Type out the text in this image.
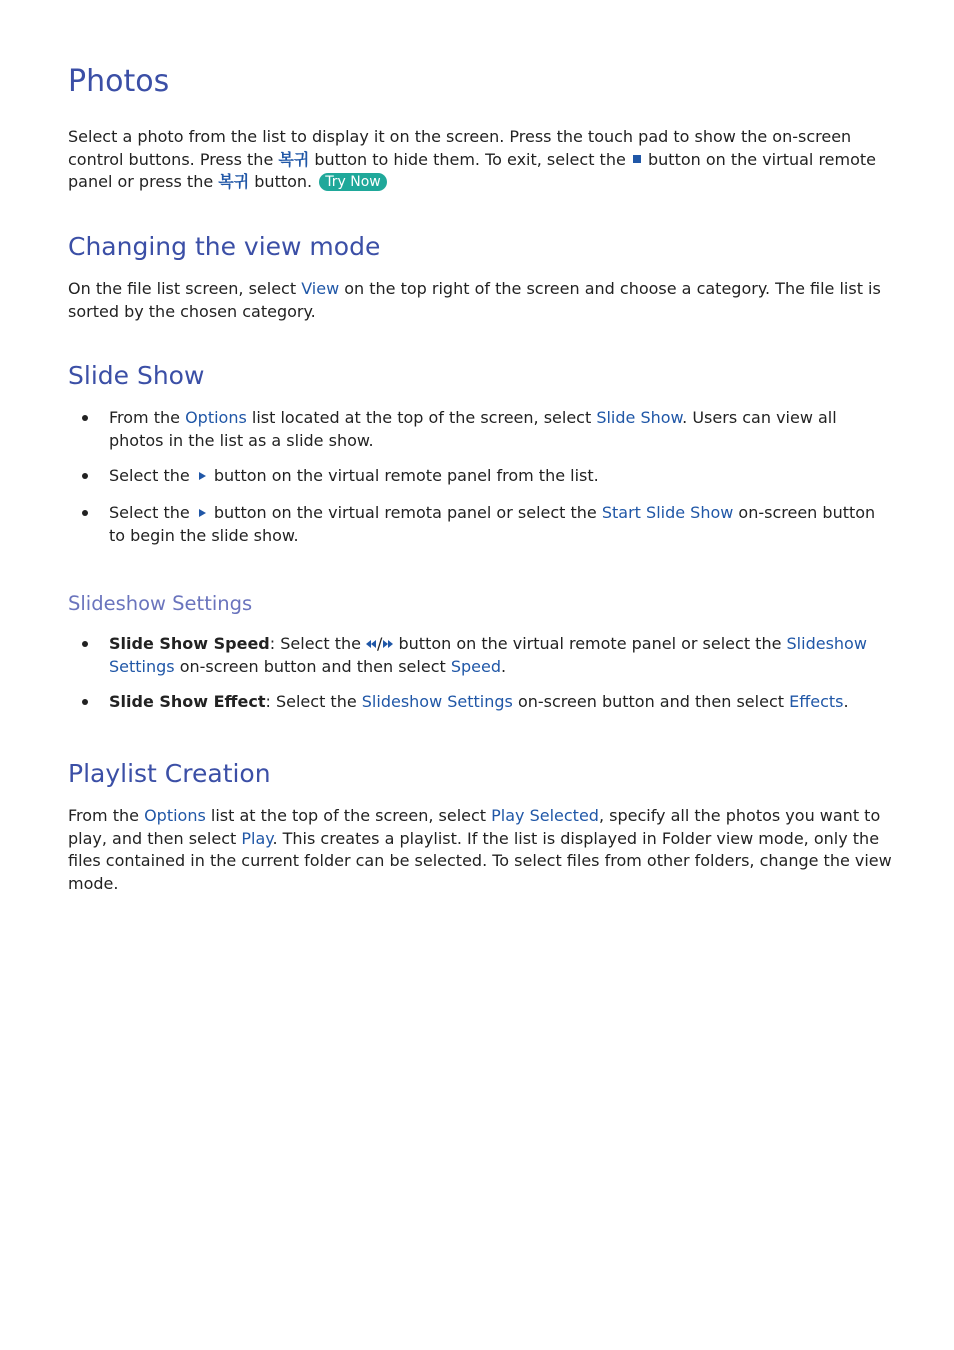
Photos

Select a photo from the list to display it on the screen. Press the touch pad to show the on-screen

control buttons. Press the 복귀 button to hide them. To exit, select the  button on the virtual remote

panel or press the 복귀 button. Try Now

Changing the view mode

On the file list screen, select View on the top right of the screen and choose a category. The file list is

sorted by the chosen category.

Slide Show

From the Options list located at the top of the screen, select Slide Show. Users can view all

photos in the list as a slide show.

Select the  button on the virtual remote panel from the list.

Select the  button on the virtual remota panel or select the Start Slide Show on-screen button

to begin the slide show.

Slideshow Settings

Slide Show Speed: Select the / button on the virtual remote panel or select the Slideshow

Settings on-screen button and then select Speed.

Slide Show Effect: Select the Slideshow Settings on-screen button and then select Effects.

Playlist Creation

From the Options list at the top of the screen, select Play Selected, specify all the photos you want to

play, and then select Play. This creates a playlist. If the list is displayed in Folder view mode, only the

files contained in the current folder can be selected. To select files from other folders, change the view

mode.
